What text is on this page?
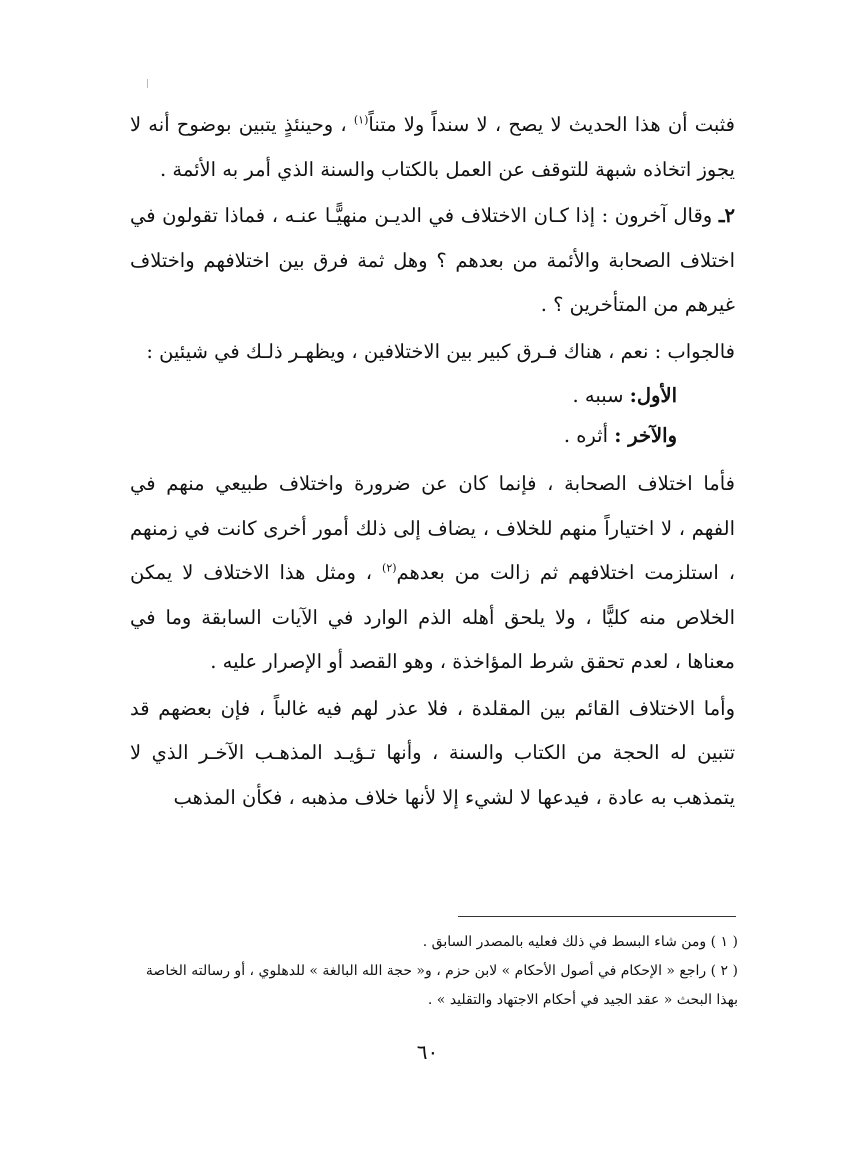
فثبت أن هذا الحديث لا يصح ، لا سنداً ولا متناً$^{(١)}$ ، وحينئذٍ يتبين بوضوح أنه لا يجوز اتخاذه شبهة للتوقف عن العمل بالكتاب والسنة الذي أمر به الأئمة .

٢ـ وقال آخرون : إذا كـان الاختلاف في الديـن منهيًّـا عنـه ، فماذا تقولون في اختلاف الصحابة والأئمة من بعدهم ؟ وهل ثمة فرق بين اختلافهم واختلاف غيرهم من المتأخرين ؟ .

فالجواب : نعم ، هناك فـرق كبير بين الاختلافين ، ويظهـر ذلـك في شيئين :

الأول: سببه .

والآخر : أثره .

فأما اختلاف الصحابة ، فإنما كان عن ضرورة واختلاف طبيعي منهم في الفهم ، لا اختياراً منهم للخلاف ، يضاف إلى ذلك أمور أخرى كانت في زمنهم ، استلزمت اختلافهم ثم زالت من بعدهم$^{(٢)}$ ، ومثل هذا الاختلاف لا يمكن الخلاص منه كليًّا ، ولا يلحق أهله الذم الوارد في الآيات السابقة وما في معناها ، لعدم تحقق شرط المؤاخذة ، وهو القصد أو الإصرار عليه .

وأما الاختلاف القائم بين المقلدة ، فلا عذر لهم فيه غالباً ، فإن بعضهم قد تتبين له الحجة من الكتاب والسنة ، وأنها تـؤيـد المذهـب الآخـر الذي لا يتمذهب به عادة ، فيدعها لا لشيء إلا لأنها خلاف مذهبه ، فكأن المذهب

( ١ ) ومن شاء البسط في ذلك فعليه بالمصدر السابق .

( ٢ ) راجع « الإحكام في أصول الأحكام » لابن حزم ، و« حجة الله البالغة » للدهلوي ، أو رسالته الخاصة بهذا البحث « عقد الجيد في أحكام الاجتهاد والتقليد » .

٦٠
